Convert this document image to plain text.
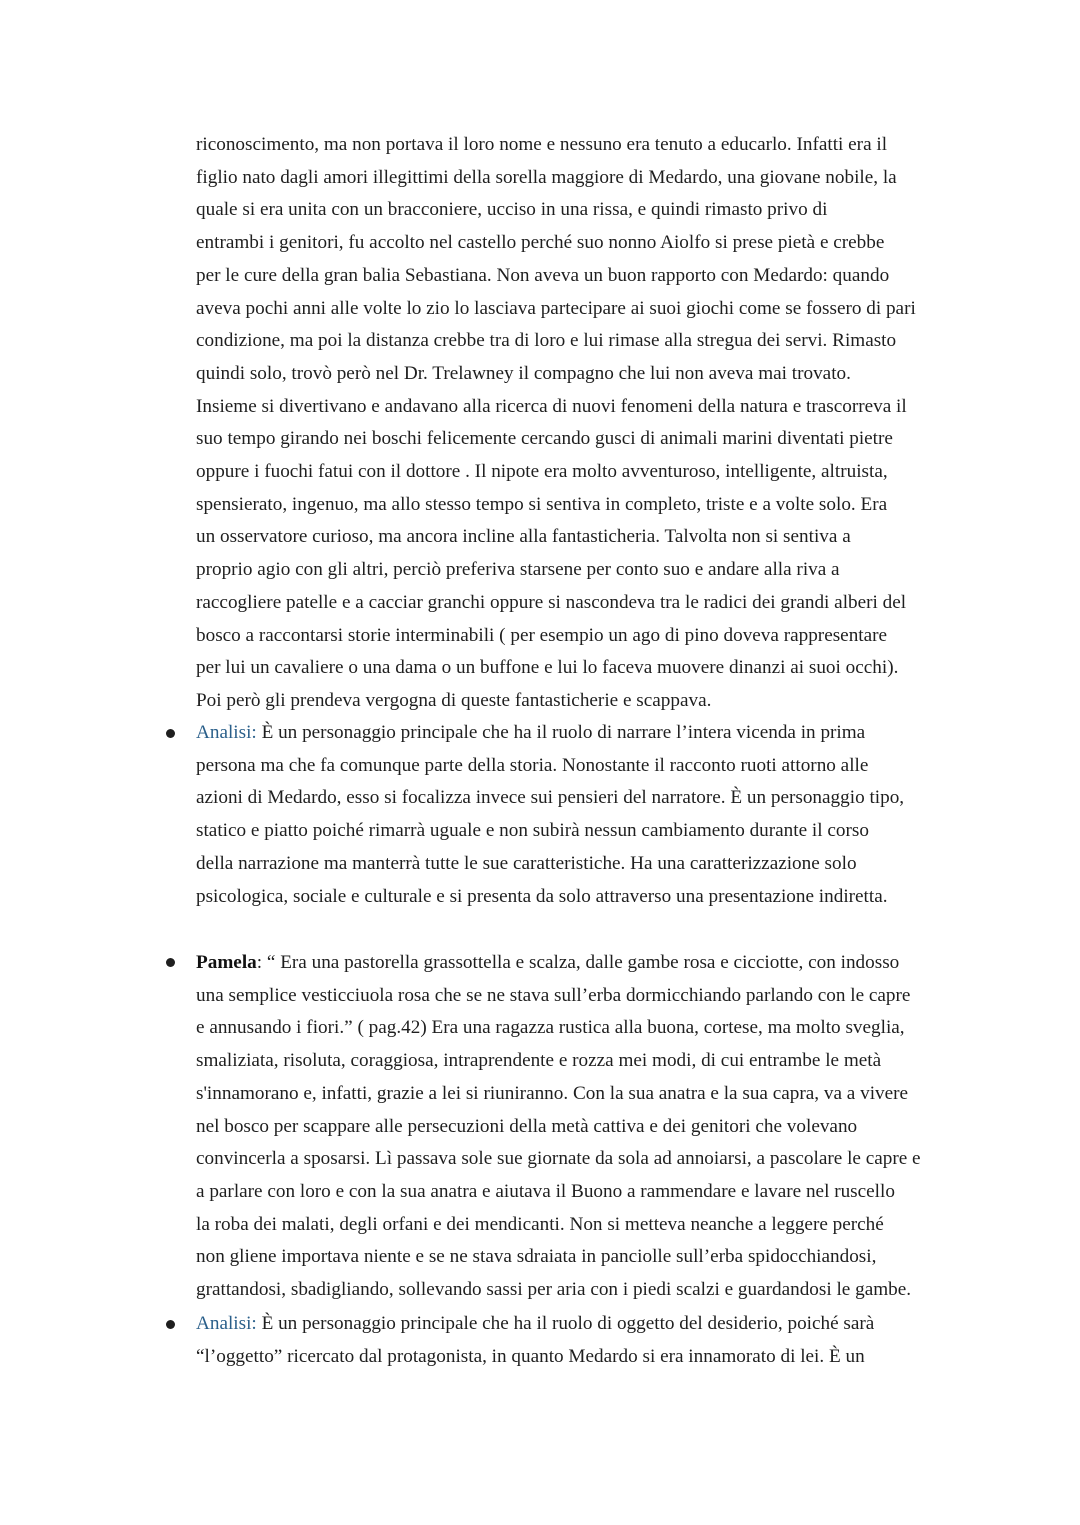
riconoscimento, ma non portava il loro nome e nessuno era tenuto a educarlo. Infatti era il
figlio nato dagli amori illegittimi della sorella maggiore di Medardo, una giovane nobile, la
quale si era unita con un bracconiere, ucciso in una rissa, e quindi rimasto privo di
entrambi i genitori, fu accolto nel castello perché suo nonno Aiolfo si prese pietà e crebbe
per le cure della gran balia Sebastiana. Non aveva un buon rapporto con Medardo: quando
aveva pochi anni alle volte lo zio lo lasciava partecipare ai suoi giochi come se fossero di pari
condizione, ma poi la distanza crebbe tra di loro e lui rimase alla stregua dei servi. Rimasto
quindi solo, trovò però nel Dr. Trelawney il compagno che lui non aveva mai trovato.
Insieme si divertivano e andavano alla ricerca di nuovi fenomeni della natura e trascorreva il
suo tempo girando nei boschi felicemente cercando gusci di animali marini diventati pietre
oppure i fuochi fatui con il dottore . Il nipote era molto avventuroso, intelligente, altruista,
spensierato, ingenuo, ma allo stesso tempo si sentiva in completo, triste e a volte solo. Era
un osservatore curioso, ma ancora incline alla fantasticheria. Talvolta non si sentiva a
proprio agio con gli altri, perciò preferiva starsene per conto suo e andare alla riva a
raccogliere patelle e a cacciar granchi oppure si nascondeva tra le radici dei grandi alberi del
bosco a raccontarsi storie interminabili ( per esempio un ago di pino doveva rappresentare
per lui un cavaliere o una dama o un buffone e lui lo faceva muovere dinanzi ai suoi occhi).
Poi però gli prendeva vergogna di queste fantasticherie e scappava.
Analisi: È un personaggio principale che ha il ruolo di narrare l’intera vicenda in prima
persona ma che fa comunque parte della storia. Nonostante il racconto ruoti attorno alle
azioni di Medardo, esso si focalizza invece sui pensieri del narratore. È un personaggio tipo,
statico e piatto poiché rimarrà uguale e non subirà nessun cambiamento durante il corso
della narrazione ma manterrà tutte le sue caratteristiche. Ha una caratterizzazione solo
psicologica, sociale e culturale e si presenta da solo attraverso una presentazione indiretta.
Pamela: “ Era una pastorella grassottella e scalza, dalle gambe rosa e cicciotte, con indosso
una semplice vesticciuola rosa che se ne stava sull’erba dormicchiando parlando con le capre
e annusando i fiori.” ( pag.42) Era una ragazza rustica alla buona, cortese, ma molto sveglia,
smaliziata, risoluta, coraggiosa, intraprendente e rozza mei modi, di cui entrambe le metà
s'innamorano e, infatti, grazie a lei si riuniranno. Con la sua anatra e la sua capra, va a vivere
nel bosco per scappare alle persecuzioni della metà cattiva e dei genitori che volevano
convincerla a sposarsi. Lì passava sole sue giornate da sola ad annoiarsi, a pascolare le capre e
a parlare con loro e con la sua anatra e aiutava il Buono a rammendare e lavare nel ruscello
la roba dei malati, degli orfani e dei mendicanti. Non si metteva neanche a leggere perché
non gliene importava niente e se ne stava sdraiata in panciolle sull’erba spidocchiandosi,
grattandosi, sbadigliando, sollevando sassi per aria con i piedi scalzi e guardandosi le gambe.
Analisi: È un personaggio principale che ha il ruolo di oggetto del desiderio, poiché sarà
“l’oggetto” ricercato dal protagonista, in quanto Medardo si era innamorato di lei. È un
